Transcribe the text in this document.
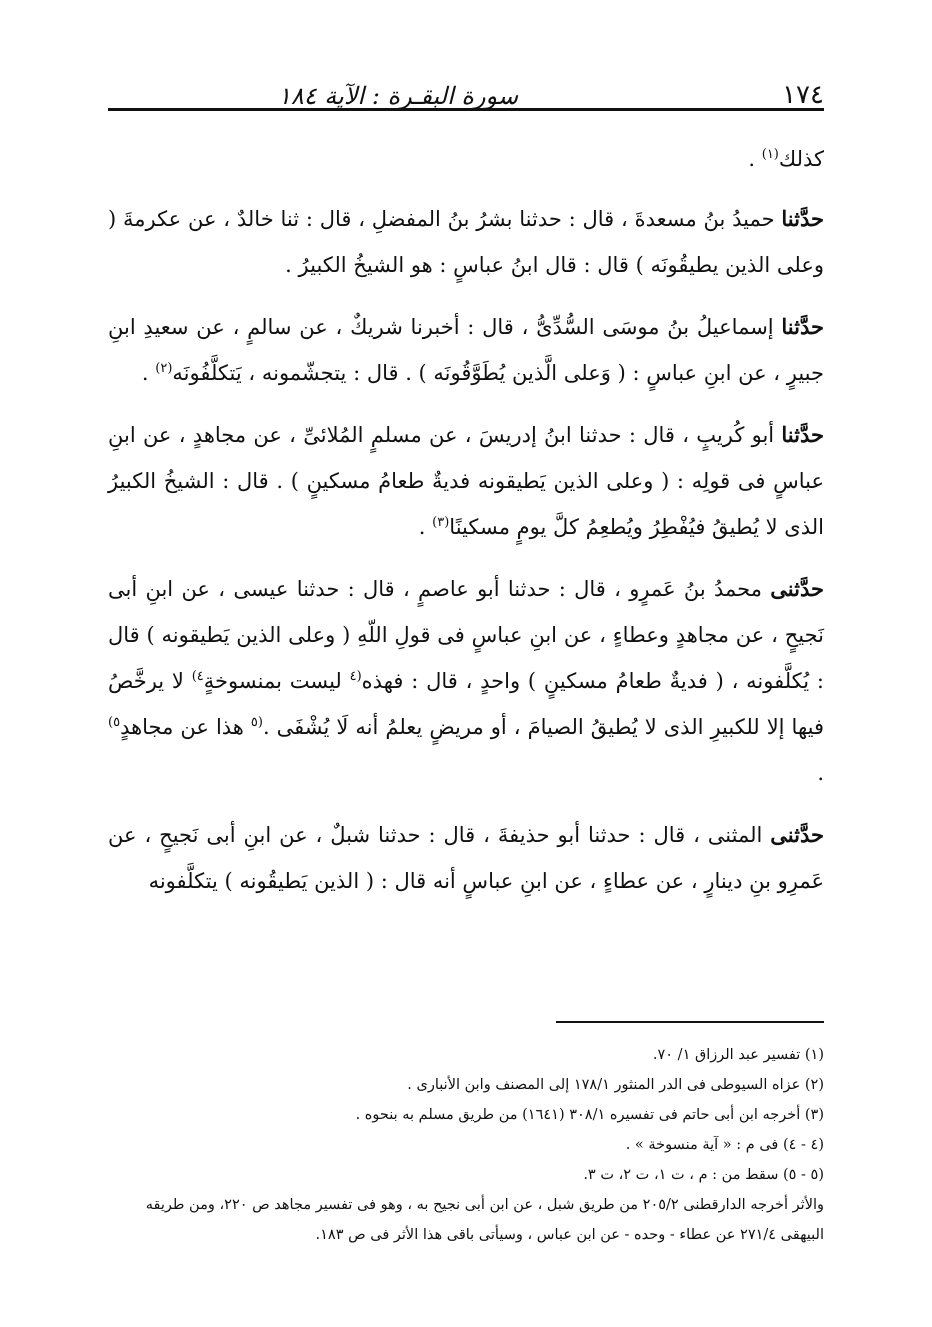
١٧٤
سورة البقـرة : الآية ١٨٤

كذلك$^{(١)}$ .

حدَّثنا حميدُ بنُ مسعدةَ ، قال : حدثنا بشرُ بنُ المفضلِ ، قال : ثنا خالدٌ ، عن عكرمةَ ( وعلى الذين يطيقُونَه ) قال : قال ابنُ عباسٍ : هو الشيخُ الكبيرُ .

حدَّثنا إسماعيلُ بنُ موسَى السُّدِّىُّ ، قال : أخبرنا شريكٌ ، عن سالمٍ ، عن سعيدِ ابنِ جبيرٍ ، عن ابنِ عباسٍ : ( وَعلى الَّذين يُطَوَّقُونَه ) . قال : يتجشّمونه ، يَتكلَّفُونَه$^{(٢)}$ .

حدَّثنا أبو كُريبٍ ، قال : حدثنا ابنُ إدريسَ ، عن مسلمٍ المُلائىِّ ، عن مجاهدٍ ، عن ابنِ عباسٍ فى قولِه : ( وعلى الذين يَطيقونه فديةٌ طعامُ مسكينٍ ) . قال : الشيخُ الكبيرُ الذى لا يُطيقُ فيُفْطِرُ ويُطعِمُ كلَّ يومٍ مسكينًا$^{(٣)}$ .

حدَّثنى محمدُ بنُ عَمرٍو ، قال : حدثنا أبو عاصمٍ ، قال : حدثنا عيسى ، عن ابنِ أبى نَجيحٍ ، عن مجاهدٍ وعطاءٍ ، عن ابنِ عباسٍ فى قولِ اللّهِ ( وعلى الذين يَطيقونه ) قال : يُكلَّفونه ، ( فديةٌ طعامُ مسكينٍ ) واحدٍ ، قال : فهذه$^{(٤}$ ليست بمنسوخةٍ$^{٤)}$ لا يرخَّصُ فيها إلا للكبيرِ الذى لا يُطيقُ الصيامَ ، أو مريضٍ يعلمُ أنه لَا يُشْفَى .$^{(٥}$ هذا عن مجاهدٍ$^{٥)}$ .

حدَّثنى المثنى ، قال : حدثنا أبو حذيفةَ ، قال : حدثنا شبلٌ ، عن ابنِ أبى نَجيحٍ ، عن عَمرِو بنِ دينارٍ ، عن عطاءٍ ، عن ابنِ عباسٍ أنه قال : ( الذين يَطيقُونه ) يتكلَّفونه

(١) تفسير عبد الرزاق ١/ ٧٠.

(٢) عزاه السيوطى فى الدر المنثور ١٧٨/١ إلى المصنف وابن الأنبارى .

(٣) أخرجه ابن أبى حاتم فى تفسيره ٣٠٨/١ (١٦٤١) من طريق مسلم به بنحوه .

(٤ - ٤) فى م : « آية منسوخة » .

(٥ - ٥) سقط من : م ، ت ١، ت ٢، ت ٣.

والأثر أخرجه الدارقطنى ٢٠٥/٢ من طريق شبل ، عن ابن أبى نجيح به ، وهو فى تفسير مجاهد ص ٢٢٠، ومن طريقه البيهقى ٢٧١/٤ عن عطاء - وحده - عن ابن عباس ، وسيأتى باقى هذا الأثر فى ص ١٨٣.
